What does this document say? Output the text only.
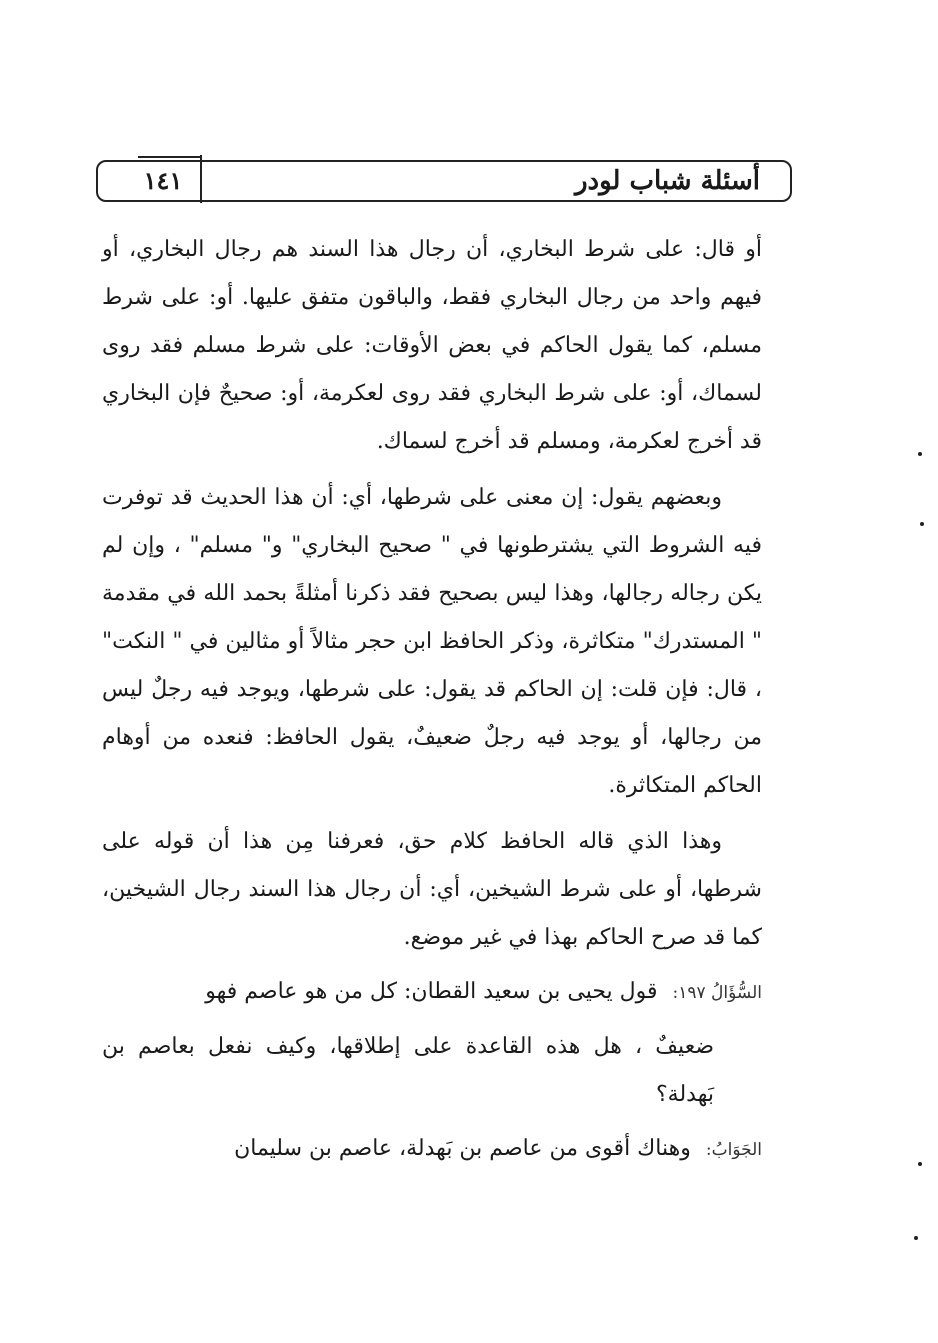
أسئلة شباب لودر
١٤١

أو قال: على شرط البخاري، أن رجال هذا السند هم رجال البخاري، أو فيهم واحد من رجال البخاري فقط، والباقون متفق عليها. أو: على شرط مسلم، كما يقول الحاكم في بعض الأوقات: على شرط مسلم فقد روى لسماك، أو: على شرط البخاري فقد روى لعكرمة، أو: صحيحٌ فإن البخاري قد أخرج لعكرمة، ومسلم قد أخرج لسماك.

وبعضهم يقول: إن معنى على شرطها، أي: أن هذا الحديث قد توفرت فيه الشروط التي يشترطونها في " صحيح البخاري" و" مسلم" ، وإن لم يكن رجاله رجالها، وهذا ليس بصحيح فقد ذكرنا أمثلةً بحمد الله في مقدمة " المستدرك" متكاثرة، وذكر الحافظ ابن حجر مثالاً أو مثالين في " النكت" ، قال: فإن قلت: إن الحاكم قد يقول: على شرطها، ويوجد فيه رجلٌ ليس من رجالها، أو يوجد فيه رجلٌ ضعيفٌ، يقول الحافظ: فنعده من أوهام الحاكم المتكاثرة.

وهذا الذي قاله الحافظ كلام حق، فعرفنا مِن هذا أن قوله على شرطها، أو على شرط الشيخين، أي: أن رجال هذا السند رجال الشيخين، كما قد صرح الحاكم بهذا في غير موضع.

السُّؤَالُ ١٩٧: قول يحيى بن سعيد القطان: كل من هو عاصم فهو

ضعيفٌ ، هل هذه القاعدة على إطلاقها، وكيف نفعل بعاصم بن بَهدلة؟

الجَوَابُ: وهناك أقوى من عاصم بن بَهدلة، عاصم بن سليمان
